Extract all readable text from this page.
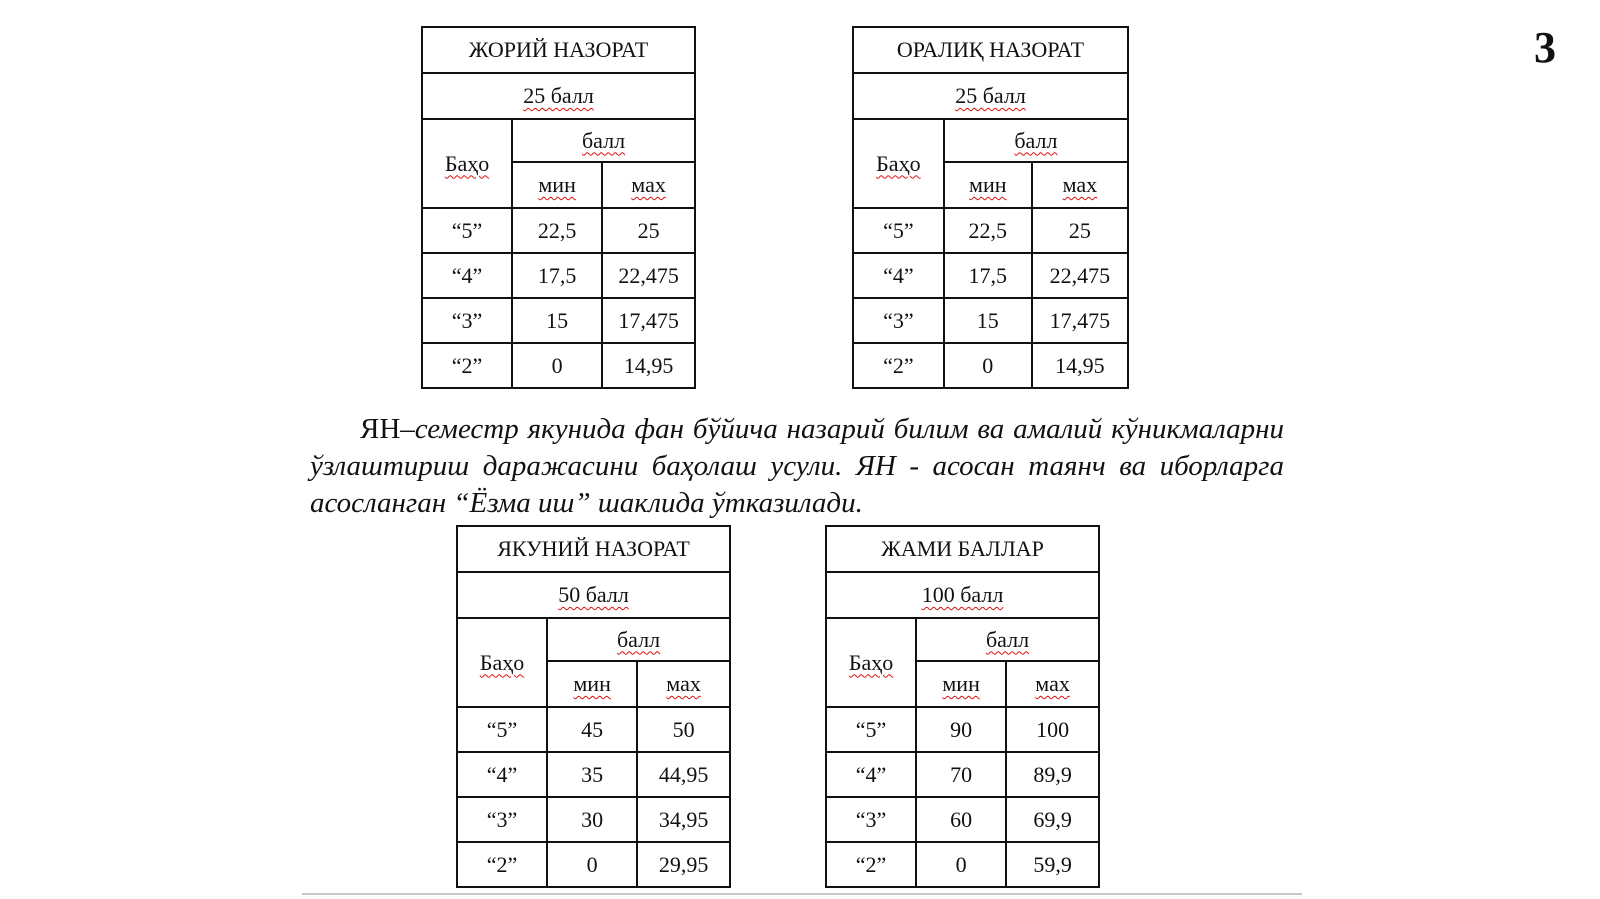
3
ЖОРИЙ НАЗОРАТ		
25 балл		
Баҳо	балл	
	мин	мах
“5”	22,5	25
“4”	17,5	22,475
“3”	15	17,475
“2”	0	14,95
ОРАЛИҚ НАЗОРАТ		
25 балл		
Баҳо	балл	
	мин	мах
“5”	22,5	25
“4”	17,5	22,475
“3”	15	17,475
“2”	0	14,95
ЯН–семестр якунида фан бўйича назарий билим ва амалий кўникмаларни ўзлаштириш даражасини баҳолаш усули. ЯН - асосан таянч ва иборларга асосланган “Ёзма иш” шаклида ўтказилади.
ЯКУНИЙ НАЗОРАТ		
50 балл		
Баҳо	балл	
	мин	мах
“5”	45	50
“4”	35	44,95
“3”	30	34,95
“2”	0	29,95
ЖАМИ БАЛЛАР		
100 балл		
Баҳо	балл	
	мин	мах
“5”	90	100
“4”	70	89,9
“3”	60	69,9
“2”	0	59,9
